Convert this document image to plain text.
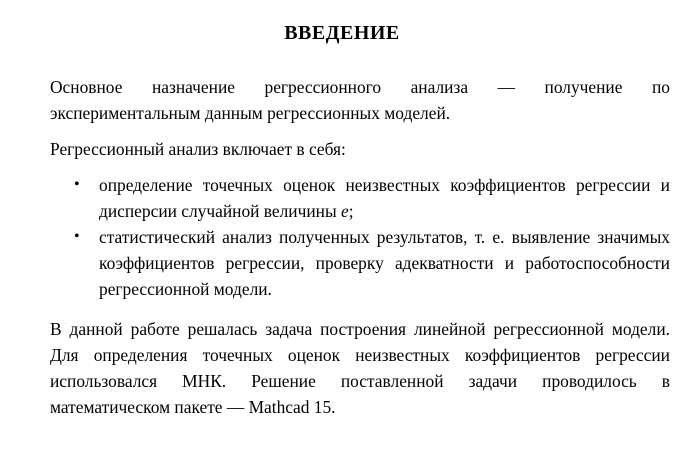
ВВЕДЕНИЕ

Основное назначение регрессионного анализа — получение по экспериментальным данным регрессионных моделей.

Регрессионный анализ включает в себя:

• определение точечных оценок неизвестных коэффициентов регрессии и дисперсии случайной величины e;
• статистический анализ полученных результатов, т. е. выявление значимых коэффициентов регрессии, проверку адекватности и работоспособности регрессионной модели.

В данной работе решалась задача построения линейной регрессионной модели. Для определения точечных оценок неизвестных коэффициентов регрессии использовался МНК. Решение поставленной задачи проводилось в математическом пакете — Mathcad 15.
